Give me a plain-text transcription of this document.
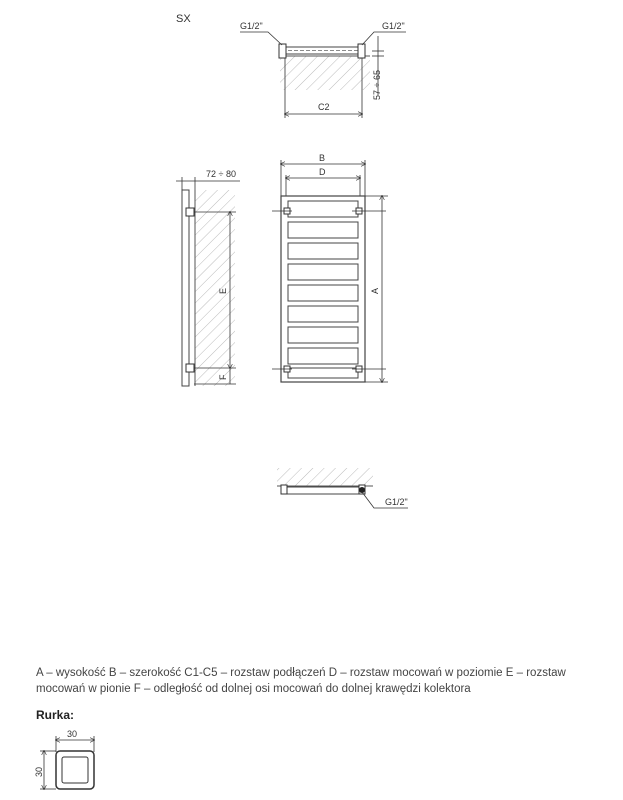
SX
G1/2"	G1/2"
57 ÷ 65
C2
72 ÷ 80
E
F
B
D
A
G1/2"
30
30
A – wysokość B – szerokość C1-C5 – rozstaw podłączeń D – rozstaw mocowań w poziomie E – rozstaw mocowań w pionie F – odległość od dolnej osi mocowań do dolnej krawędzi kolektora
Rurka:
